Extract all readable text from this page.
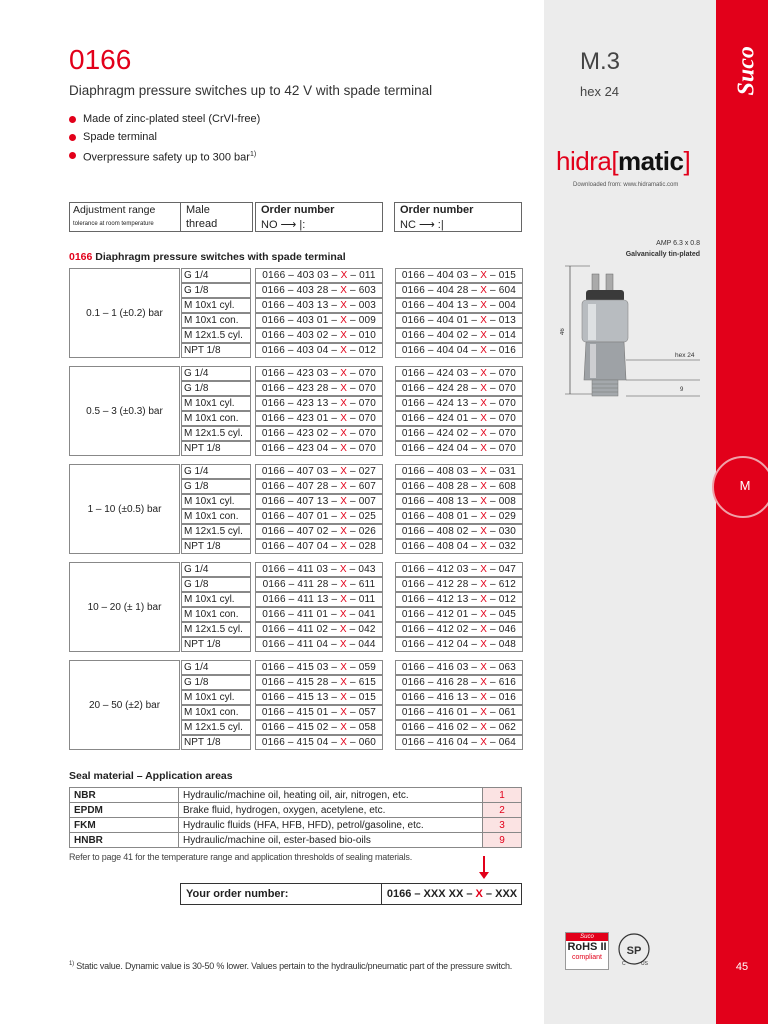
Suco
M
45
0166
Diaphragm pressure switches up to 42 V with spade terminal
Made of zinc-plated steel (CrVI-free)
Spade terminal
Overpressure safety up to 300 bar$^{1)}$
M.3
hex 24
hidra[matic]
Downloaded from: www.hidramatic.com
Adjustment range
tolerance at room temperature
Male
thread
Order number
NO ⟶ |:
Order number
NC ⟶ :|
0166 Diaphragm pressure switches with spade terminal
0.1 – 1 (±0.2) bar
G 1/4	0166 – 403 03 – X – 011	0166 – 404 03 – X – 015
G 1/8	0166 – 403 28 – X – 603	0166 – 404 28 – X – 604
M 10x1 cyl.	0166 – 403 13 – X – 003	0166 – 404 13 – X – 004
M 10x1 con.	0166 – 403 01 – X – 009	0166 – 404 01 – X – 013
M 12x1.5 cyl.	0166 – 403 02 – X – 010	0166 – 404 02 – X – 014
NPT 1/8	0166 – 403 04 – X – 012	0166 – 404 04 – X – 016
0.5 – 3 (±0.3) bar
G 1/4	0166 – 423 03 – X – 070	0166 – 424 03 – X – 070
G 1/8	0166 – 423 28 – X – 070	0166 – 424 28 – X – 070
M 10x1 cyl.	0166 – 423 13 – X – 070	0166 – 424 13 – X – 070
M 10x1 con.	0166 – 423 01 – X – 070	0166 – 424 01 – X – 070
M 12x1.5 cyl.	0166 – 423 02 – X – 070	0166 – 424 02 – X – 070
NPT 1/8	0166 – 423 04 – X – 070	0166 – 424 04 – X – 070
1 – 10 (±0.5) bar
G 1/4	0166 – 407 03 – X – 027	0166 – 408 03 – X – 031
G 1/8	0166 – 407 28 – X – 607	0166 – 408 28 – X – 608
M 10x1 cyl.	0166 – 407 13 – X – 007	0166 – 408 13 – X – 008
M 10x1 con.	0166 – 407 01 – X – 025	0166 – 408 01 – X – 029
M 12x1.5 cyl.	0166 – 407 02 – X – 026	0166 – 408 02 – X – 030
NPT 1/8	0166 – 407 04 – X – 028	0166 – 408 04 – X – 032
10 – 20 (± 1) bar
G 1/4	0166 – 411 03 – X – 043	0166 – 412 03 – X – 047
G 1/8	0166 – 411 28 – X – 611	0166 – 412 28 – X – 612
M 10x1 cyl.	0166 – 411 13 – X – 011	0166 – 412 13 – X – 012
M 10x1 con.	0166 – 411 01 – X – 041	0166 – 412 01 – X – 045
M 12x1.5 cyl.	0166 – 411 02 – X – 042	0166 – 412 02 – X – 046
NPT 1/8	0166 – 411 04 – X – 044	0166 – 412 04 – X – 048
20 – 50 (±2) bar
G 1/4	0166 – 415 03 – X – 059	0166 – 416 03 – X – 063
G 1/8	0166 – 415 28 – X – 615	0166 – 416 28 – X – 616
M 10x1 cyl.	0166 – 415 13 – X – 015	0166 – 416 13 – X – 016
M 10x1 con.	0166 – 415 01 – X – 057	0166 – 416 01 – X – 061
M 12x1.5 cyl.	0166 – 415 02 – X – 058	0166 – 416 02 – X – 062
NPT 1/8	0166 – 415 04 – X – 060	0166 – 416 04 – X – 064
Seal material – Application areas
NBR	Hydraulic/machine oil, heating oil, air, nitrogen, etc.	1
EPDM	Brake fluid, hydrogen, oxygen, acetylene, etc.	2
FKM	Hydraulic fluids (HFA, HFB, HFD), petrol/gasoline, etc.	3
HNBR	Hydraulic/machine oil, ester-based bio-oils	9
Refer to page 41 for the temperature range and application thresholds of sealing materials.
Your order number:	0166 – XXX XX – X – XXX
$^{1)}$ Static value. Dynamic value is 30-50 % lower. Values pertain to the hydraulic/pneumatic part of the pressure switch.
AMP 6.3 x 0.8
Galvanically tin-plated
46
hex 24
9
Suco
RoHS II
compliant
SP
C	US
